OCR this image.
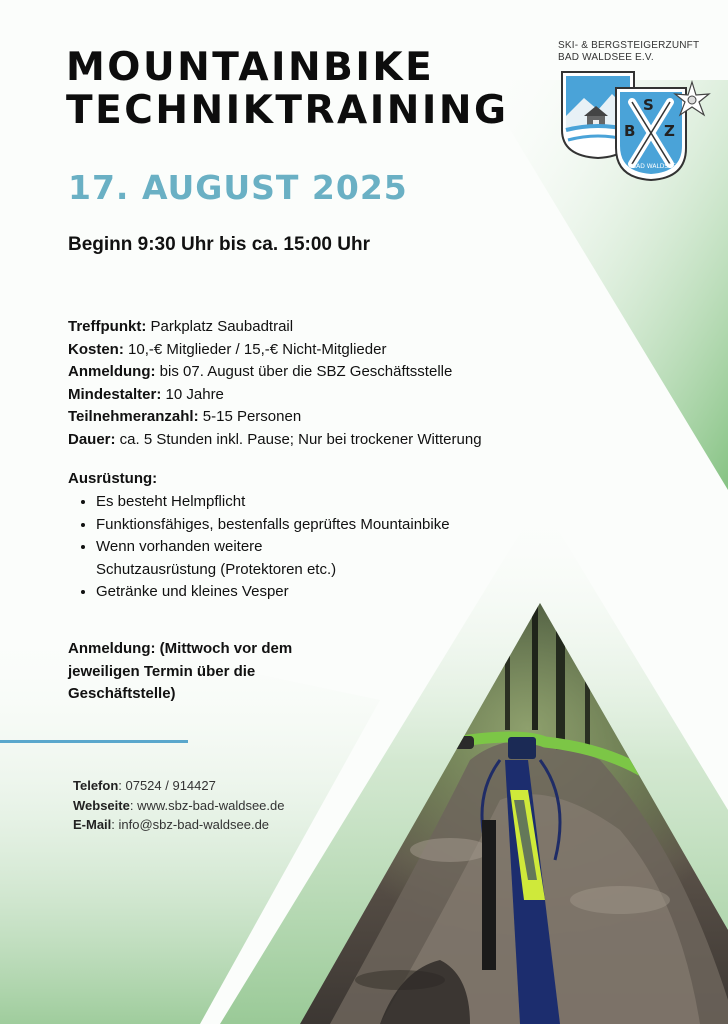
MOUNTAINBIKE
TECHNIKTRAINING
17. AUGUST 2025
Beginn 9:30 Uhr bis ca. 15:00 Uhr
Treffpunkt: Parkplatz Saubadtrail
Kosten: 10,-€ Mitglieder / 15,-€ Nicht-Mitglieder
Anmeldung: bis 07. August über die SBZ Geschäftsstelle
Mindestalter: 10 Jahre
Teilnehmeranzahl: 5-15 Personen
Dauer: ca. 5 Stunden inkl. Pause; Nur bei trockener Witterung
Ausrüstung:
• Es besteht Helmpflicht
• Funktionsfähiges, bestenfalls geprüftes Mountainbike
• Wenn vorhanden weitere Schutzausrüstung (Protektoren etc.)
• Getränke und kleines Vesper
Anmeldung: (Mittwoch vor dem jeweiligen Termin über die Geschäftstelle)
Telefon: 07524 / 914427
Webseite: www.sbz-bad-waldsee.de
E-Mail: info@sbz-bad-waldsee.de
SKI- & BERGSTEIGERZUNFT
BAD WALDSEE E.V.
S
B Z
BAD WALDSEE
